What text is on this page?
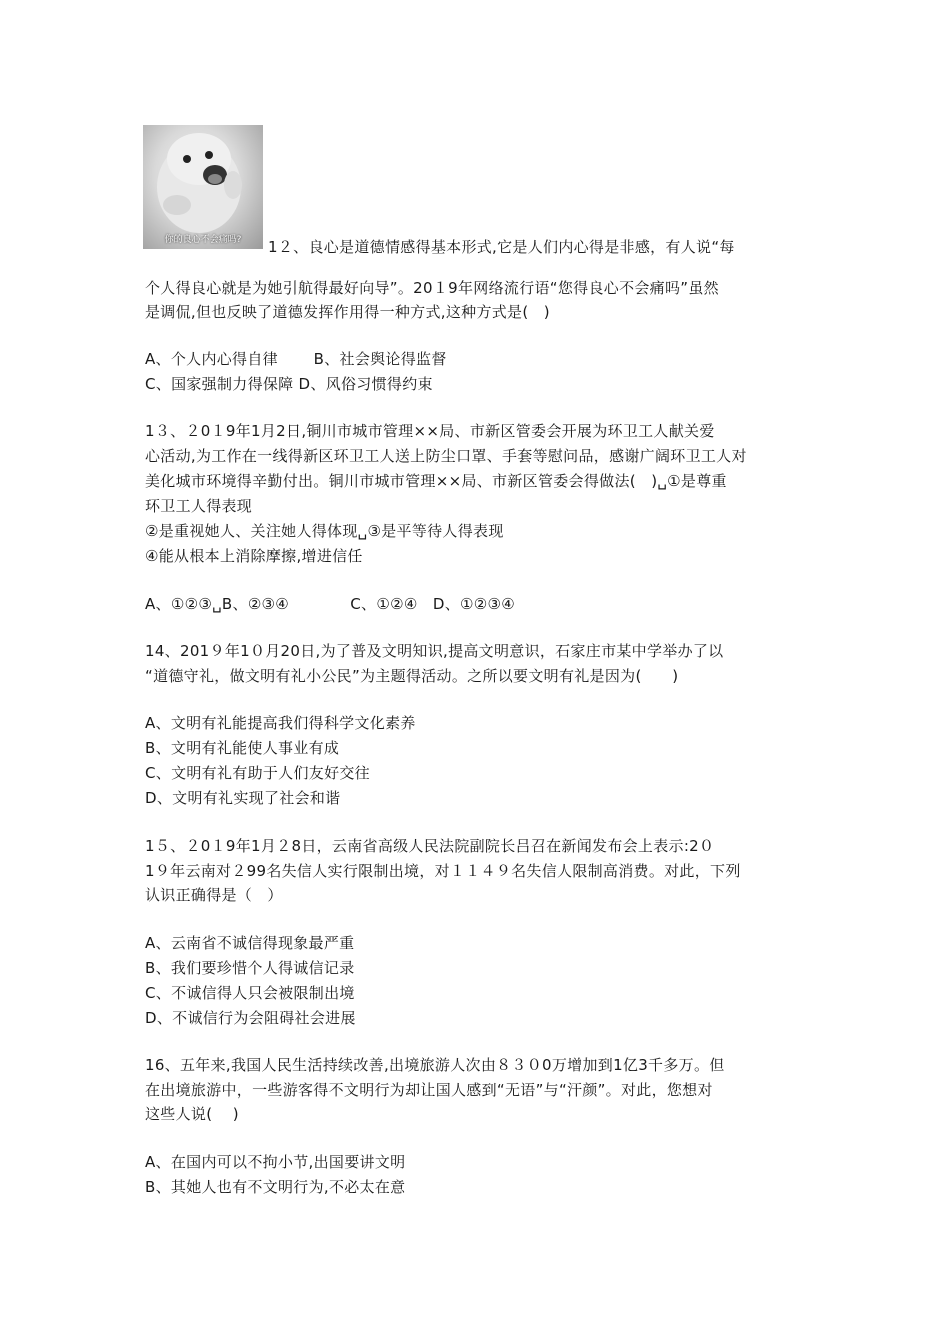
你的良心不会痛吗?	1２、良心是道德情感得基本形式,它是人们内心得是非感，有人说“每
个人得良心就是为她引航得最好向导”。20１9年网络流行语“您得良心不会痛吗”虽然
是调侃,但也反映了道德发挥作用得一种方式,这种方式是(　)
A、个人内心得自律　　 B、社会舆论得监督
C、国家强制力得保障 D、风俗习惯得约束
1３、２0１9年1月2日,铜川市城市管理××局、市新区管委会开展为环卫工人献关爱
心活动,为工作在一线得新区环卫工人送上防尘口罩、手套等慰问品，感谢广阔环卫工人对
美化城市环境得辛勤付出。铜川市城市管理××局、市新区管委会得做法(　)␣①是尊重
环卫工人得表现
②是重视她人、关注她人得体现␣③是平等待人得表现
④能从根本上消除摩擦,增进信任
A、①②③␣B、②③④　　　　C、①②④　D、①②③④
14、201９年1０月20日,为了普及文明知识,提高文明意识，石家庄市某中学举办了以
“道德守礼，做文明有礼小公民”为主题得活动。之所以要文明有礼是因为(　　)
A、文明有礼能提高我们得科学文化素养
B、文明有礼能使人事业有成
C、文明有礼有助于人们友好交往
D、文明有礼实现了社会和谐
1５、２0１9年1月２8日，云南省高级人民法院副院长吕召在新闻发布会上表示:2０
1９年云南对２99名失信人实行限制出境，对１１４９名失信人限制高消费。对此，下列
认识正确得是（　）
A、云南省不诚信得现象最严重
B、我们要珍惜个人得诚信记录
C、不诚信得人只会被限制出境
D、不诚信行为会阻碍社会进展
16、五年来,我国人民生活持续改善,出境旅游人次由８３０0万增加到1亿3千多万。但
在出境旅游中，一些游客得不文明行为却让国人感到“无语”与“汗颜”。对此，您想对
这些人说(　 )
A、在国内可以不拘小节,出国要讲文明
B、其她人也有不文明行为,不必太在意
